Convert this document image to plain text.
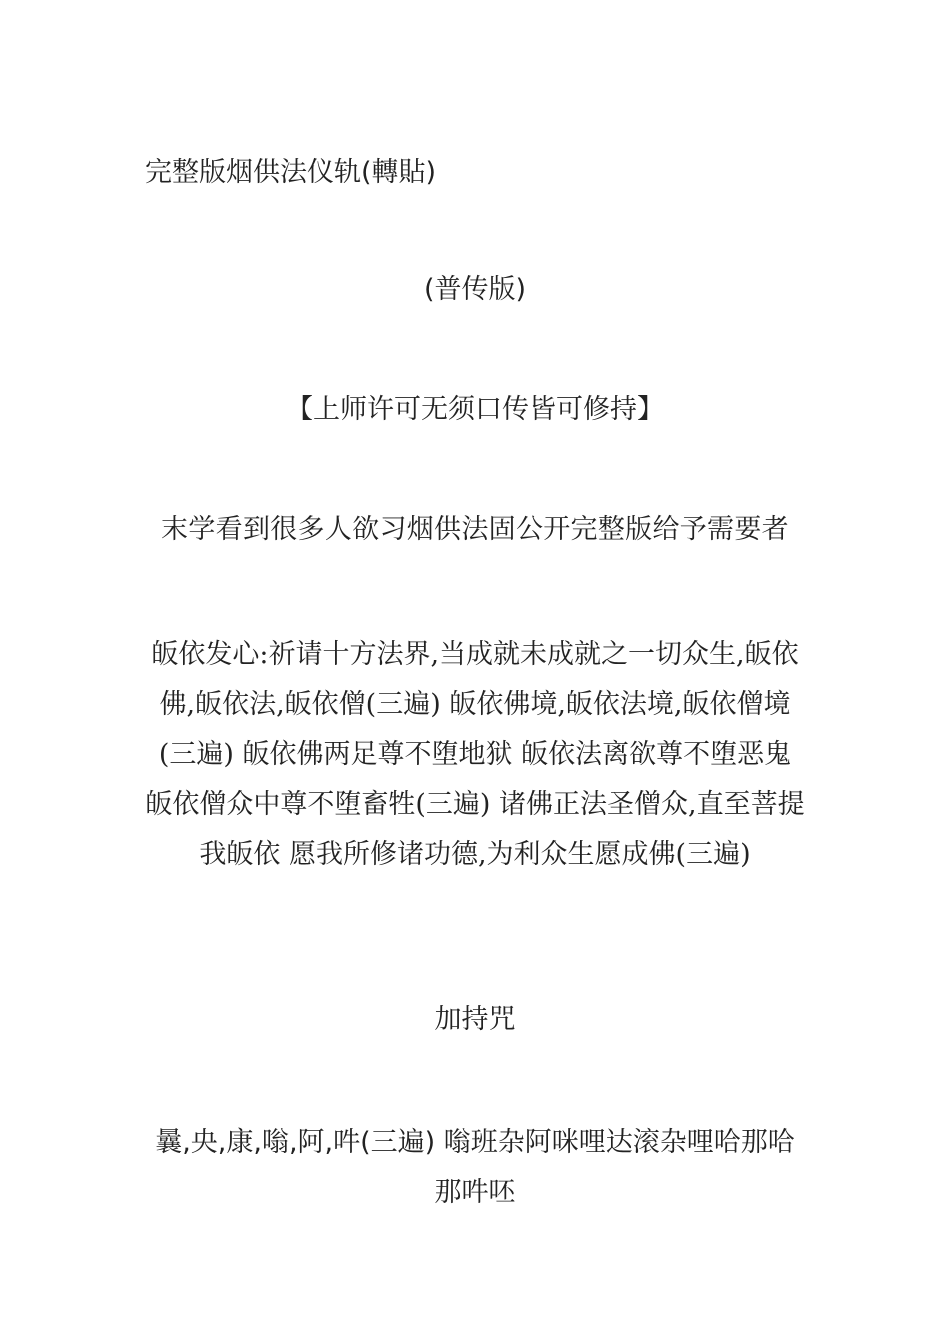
完整版烟供法仪轨(轉貼)

(普传版)

【上师许可无须口传皆可修持】

末学看到很多人欲习烟供法固公开完整版给予需要者

皈依发心:祈请十方法界,当成就未成就之一切众生,皈依佛,皈依法,皈依僧(三遍) 皈依佛境,皈依法境,皈依僧境(三遍) 皈依佛两足尊不堕地狱 皈依法离欲尊不堕恶鬼 皈依僧众中尊不堕畜牲(三遍) 诸佛正法圣僧众,直至菩提我皈依 愿我所修诸功德,为利众生愿成佛(三遍)

加持咒

曩,央,康,嗡,阿,吽(三遍) 嗡班杂阿咪哩达滚杂哩哈那哈那吽呸
